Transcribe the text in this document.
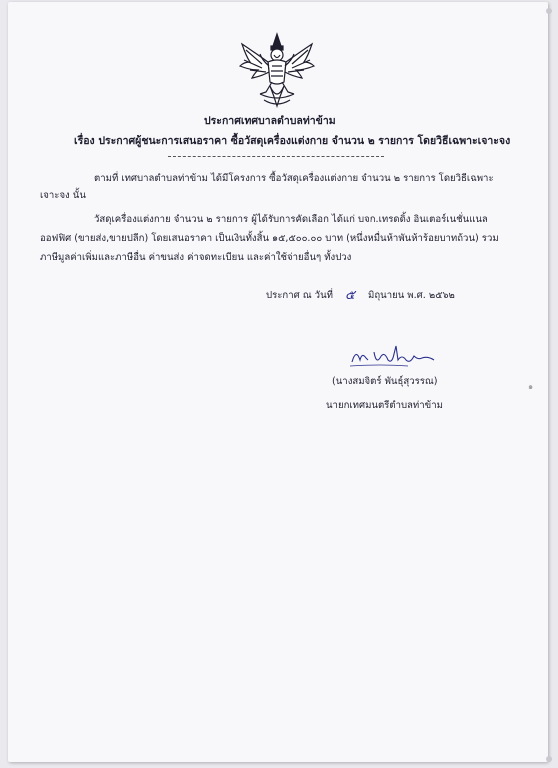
ประกาศเทศบาลตำบลท่าข้าม
เรื่อง ประกาศผู้ชนะการเสนอราคา ซื้อวัสดุเครื่องแต่งกาย จำนวน ๒ รายการ โดยวิธีเฉพาะเจาะจง
ตามที่ เทศบาลตำบลท่าข้าม ได้มีโครงการ ซื้อวัสดุเครื่องแต่งกาย จำนวน ๒ รายการ โดยวิธีเฉพาะ
เจาะจง นั้น
วัสดุเครื่องแต่งกาย จำนวน ๒ รายการ ผู้ได้รับการคัดเลือก ได้แก่ บจก.เทรดดิ้ง อินเตอร์เนชั่นแนล
ออฟฟิศ (ขายส่ง,ขายปลีก) โดยเสนอราคา เป็นเงินทั้งสิ้น ๑๕,๕๐๐.๐๐ บาท (หนึ่งหมื่นห้าพันห้าร้อยบาทถ้วน) รวม
ภาษีมูลค่าเพิ่มและภาษีอื่น ค่าขนส่ง ค่าจดทะเบียน และค่าใช้จ่ายอื่นๆ ทั้งปวง
ประกาศ ณ วันที่ ๕ มิถุนายน พ.ศ. ๒๕๖๒
(นางสมจิตร์ พันธุ์สุวรรณ)
นายกเทศมนตรีตำบลท่าข้าม
๑
